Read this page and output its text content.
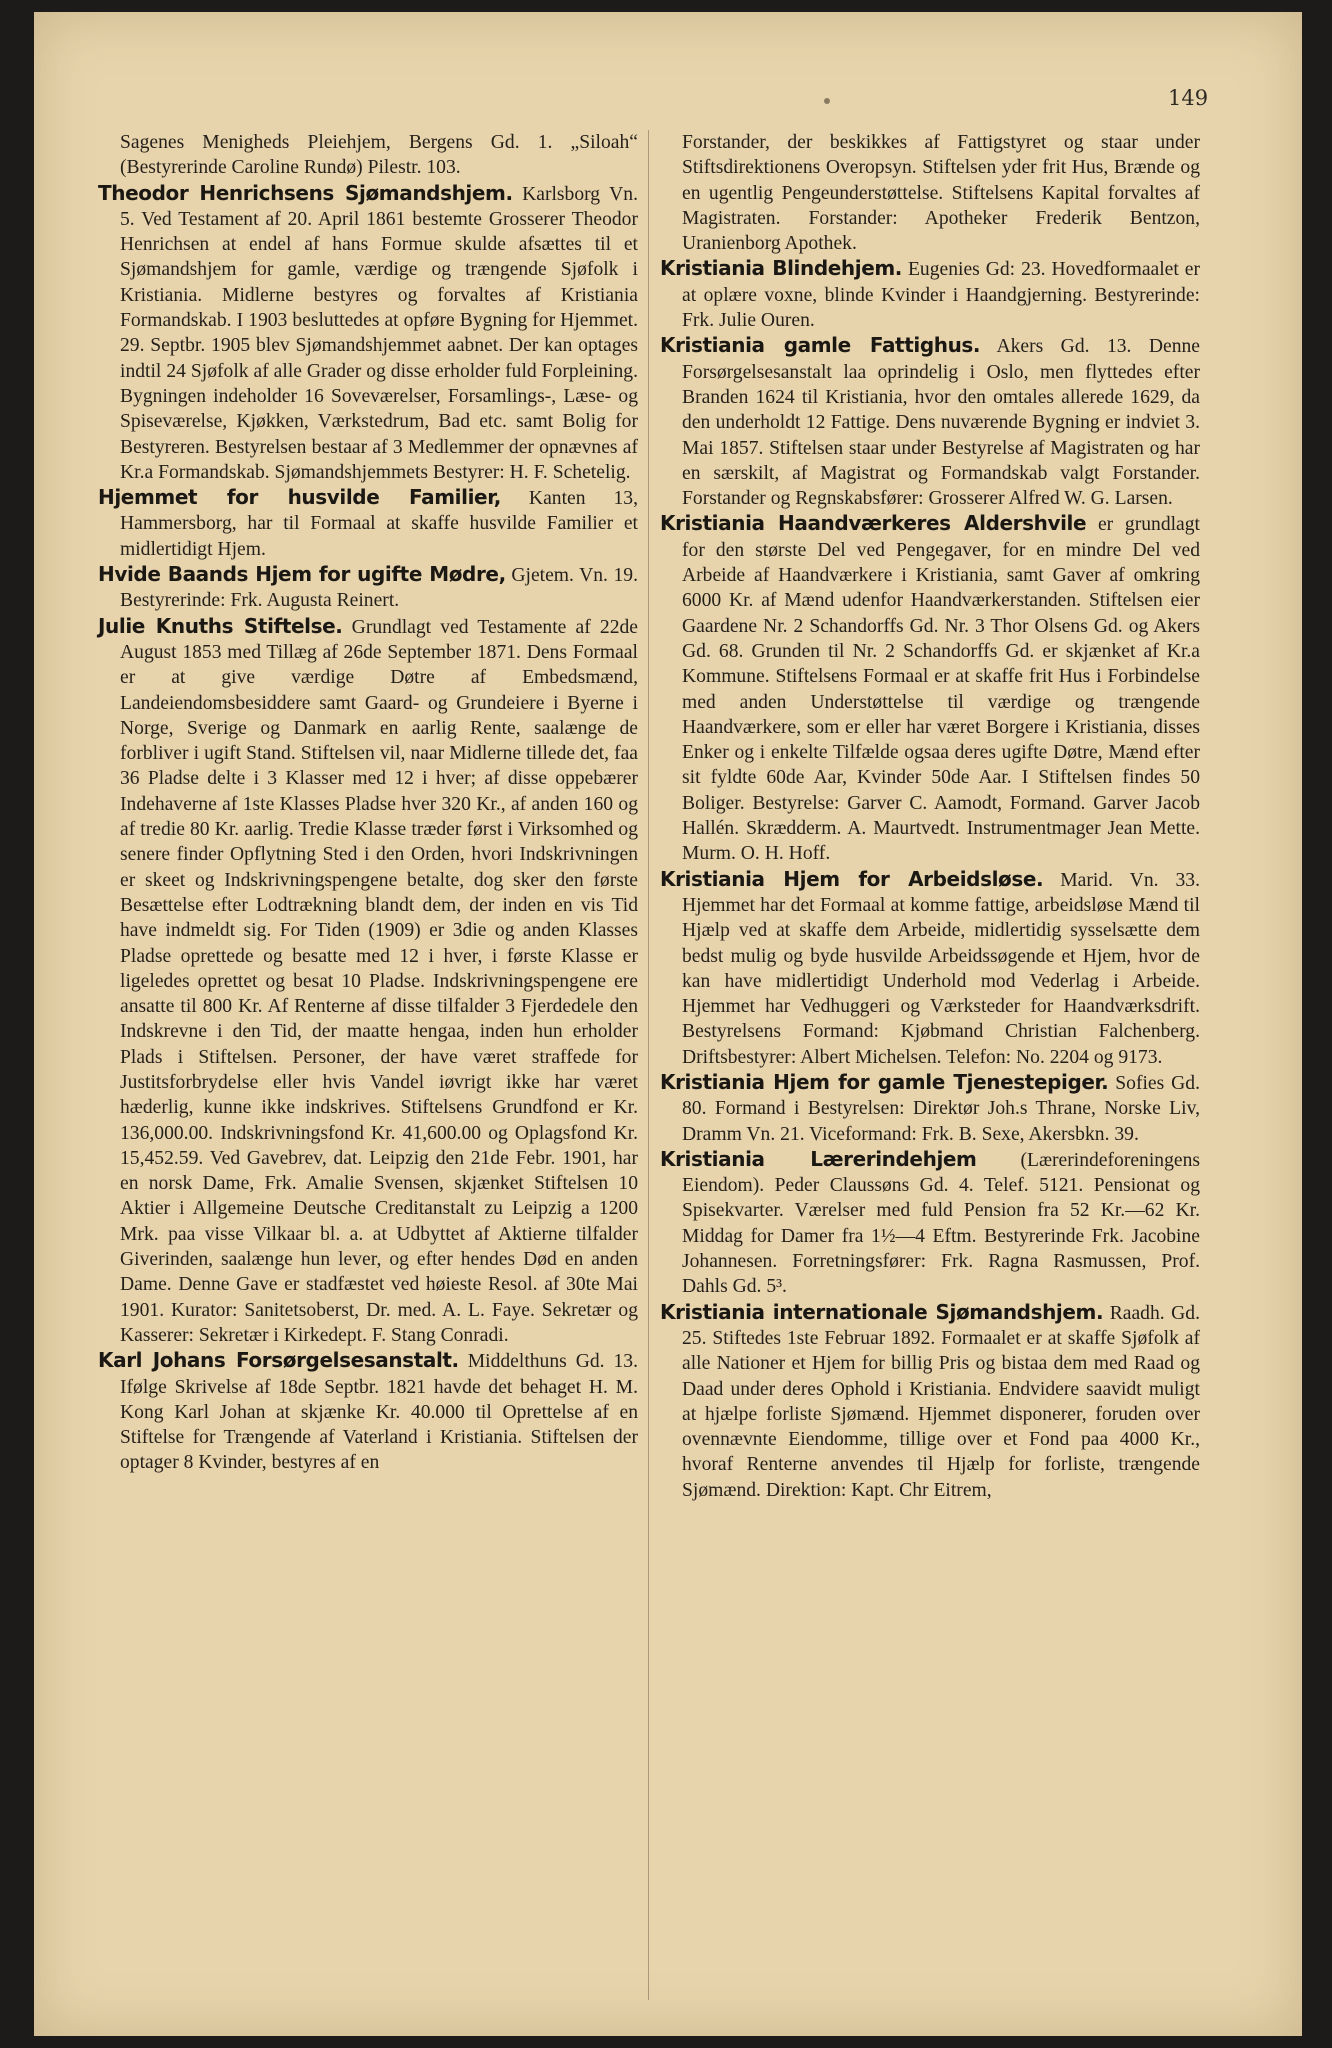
149

Sagenes Menigheds Pleiehjem, Bergens Gd. 1. „Siloah“ (Bestyrerinde Caroline Rundø) Pilestr. 103.

Theodor Henrichsens Sjømandshjem. Karlsborg Vn. 5. Ved Testament af 20. April 1861 bestemte Grosserer Theodor Henrichsen at endel af hans Formue skulde afsættes til et Sjømandshjem for gamle, værdige og trængende Sjøfolk i Kristiania. Midlerne bestyres og forvaltes af Kristiania Formandskab. I 1903 besluttedes at opføre Bygning for Hjemmet. 29. Septbr. 1905 blev Sjømandshjemmet aabnet. Der kan optages indtil 24 Sjøfolk af alle Grader og disse erholder fuld Forpleining. Bygningen indeholder 16 Soveværelser, Forsamlings-, Læse- og Spiseværelse, Kjøkken, Værkstedrum, Bad etc. samt Bolig for Bestyreren. Bestyrelsen bestaar af 3 Medlemmer der opnævnes af Kr.a Formandskab. Sjømandshjemmets Bestyrer: H. F. Schetelig.

Hjemmet for husvilde Familier, Kanten 13, Hammersborg, har til Formaal at skaffe husvilde Familier et midlertidigt Hjem.

Hvide Baands Hjem for ugifte Mødre, Gjetem. Vn. 19. Bestyrerinde: Frk. Augusta Reinert.

Julie Knuths Stiftelse. Grundlagt ved Testamente af 22de August 1853 med Tillæg af 26de September 1871. Dens Formaal er at give værdige Døtre af Embedsmænd, Landeiendomsbesiddere samt Gaard- og Grundeiere i Byerne i Norge, Sverige og Danmark en aarlig Rente, saalænge de forbliver i ugift Stand. Stiftelsen vil, naar Midlerne tillede det, faa 36 Pladse delte i 3 Klasser med 12 i hver; af disse oppebærer Indehaverne af 1ste Klasses Pladse hver 320 Kr., af anden 160 og af tredie 80 Kr. aarlig. Tredie Klasse træder først i Virksomhed og senere finder Opflytning Sted i den Orden, hvori Indskrivningen er skeet og Indskrivningspengene betalte, dog sker den første Besættelse efter Lodtrækning blandt dem, der inden en vis Tid have indmeldt sig. For Tiden (1909) er 3die og anden Klasses Pladse oprettede og besatte med 12 i hver, i første Klasse er ligeledes oprettet og besat 10 Pladse. Indskrivningspengene ere ansatte til 800 Kr. Af Renterne af disse tilfalder 3 Fjerdedele den Indskrevne i den Tid, der maatte hengaa, inden hun erholder Plads i Stiftelsen. Personer, der have været straffede for Justitsforbrydelse eller hvis Vandel iøvrigt ikke har været hæderlig, kunne ikke indskrives. Stiftelsens Grundfond er Kr. 136,000.00. Indskrivningsfond Kr. 41,600.00 og Oplagsfond Kr. 15,452.59. Ved Gavebrev, dat. Leipzig den 21de Febr. 1901, har en norsk Dame, Frk. Amalie Svensen, skjænket Stiftelsen 10 Aktier i Allgemeine Deutsche Creditanstalt zu Leipzig a 1200 Mrk. paa visse Vilkaar bl. a. at Udbyttet af Aktierne tilfalder Giverinden, saalænge hun lever, og efter hendes Død en anden Dame. Denne Gave er stadfæstet ved høieste Resol. af 30te Mai 1901. Kurator: Sanitetsoberst, Dr. med. A. L. Faye. Sekretær og Kasserer: Sekretær i Kirkedept. F. Stang Conradi.

Karl Johans Forsørgelsesanstalt. Middelthuns Gd. 13. Ifølge Skrivelse af 18de Septbr. 1821 havde det behaget H. M. Kong Karl Johan at skjænke Kr. 40.000 til Oprettelse af en Stiftelse for Trængende af Vaterland i Kristiania. Stiftelsen der optager 8 Kvinder, bestyres af en

Forstander, der beskikkes af Fattigstyret og staar under Stiftsdirektionens Overopsyn. Stiftelsen yder frit Hus, Brænde og en ugentlig Pengeunderstøttelse. Stiftelsens Kapital forvaltes af Magistraten. Forstander: Apotheker Frederik Bentzon, Uranienborg Apothek.

Kristiania Blindehjem. Eugenies Gd: 23. Hovedformaalet er at oplære voxne, blinde Kvinder i Haandgjerning. Bestyrerinde: Frk. Julie Ouren.

Kristiania gamle Fattighus. Akers Gd. 13. Denne Forsørgelsesanstalt laa oprindelig i Oslo, men flyttedes efter Branden 1624 til Kristiania, hvor den omtales allerede 1629, da den underholdt 12 Fattige. Dens nuværende Bygning er indviet 3. Mai 1857. Stiftelsen staar under Bestyrelse af Magistraten og har en særskilt, af Magistrat og Formandskab valgt Forstander. Forstander og Regnskabsfører: Grosserer Alfred W. G. Larsen.

Kristiania Haandværkeres Aldershvile er grundlagt for den største Del ved Pengegaver, for en mindre Del ved Arbeide af Haandværkere i Kristiania, samt Gaver af omkring 6000 Kr. af Mænd udenfor Haandværkerstanden. Stiftelsen eier Gaardene Nr. 2 Schandorffs Gd. Nr. 3 Thor Olsens Gd. og Akers Gd. 68. Grunden til Nr. 2 Schandorffs Gd. er skjænket af Kr.a Kommune. Stiftelsens Formaal er at skaffe frit Hus i Forbindelse med anden Understøttelse til værdige og trængende Haandværkere, som er eller har været Borgere i Kristiania, disses Enker og i enkelte Tilfælde ogsaa deres ugifte Døtre, Mænd efter sit fyldte 60de Aar, Kvinder 50de Aar. I Stiftelsen findes 50 Boliger. Bestyrelse: Garver C. Aamodt, Formand. Garver Jacob Hallén. Skrædderm. A. Maurtvedt. Instrumentmager Jean Mette. Murm. O. H. Hoff.

Kristiania Hjem for Arbeidsløse. Marid. Vn. 33. Hjemmet har det Formaal at komme fattige, arbeidsløse Mænd til Hjælp ved at skaffe dem Arbeide, midlertidig sysselsætte dem bedst mulig og byde husvilde Arbeidssøgende et Hjem, hvor de kan have midlertidigt Underhold mod Vederlag i Arbeide. Hjemmet har Vedhuggeri og Værksteder for Haandværksdrift. Bestyrelsens Formand: Kjøbmand Christian Falchenberg. Driftsbestyrer: Albert Michelsen. Telefon: No. 2204 og 9173.

Kristiania Hjem for gamle Tjenestepiger. Sofies Gd. 80. Formand i Bestyrelsen: Direktør Joh.s Thrane, Norske Liv, Dramm Vn. 21. Viceformand: Frk. B. Sexe, Akersbkn. 39.

Kristiania Lærerindehjem (Lærerindeforeningens Eiendom). Peder Claussøns Gd. 4. Telef. 5121. Pensionat og Spisekvarter. Værelser med fuld Pension fra 52 Kr.—62 Kr. Middag for Damer fra 1½—4 Eftm. Bestyrerinde Frk. Jacobine Johannesen. Forretningsfører: Frk. Ragna Rasmussen, Prof. Dahls Gd. 5³.

Kristiania internationale Sjømandshjem. Raadh. Gd. 25. Stiftedes 1ste Februar 1892. Formaalet er at skaffe Sjøfolk af alle Nationer et Hjem for billig Pris og bistaa dem med Raad og Daad under deres Ophold i Kristiania. Endvidere saavidt muligt at hjælpe forliste Sjømænd. Hjemmet disponerer, foruden over ovennævnte Eiendomme, tillige over et Fond paa 4000 Kr., hvoraf Renterne anvendes til Hjælp for forliste, trængende Sjømænd. Direktion: Kapt. Chr Eitrem,
